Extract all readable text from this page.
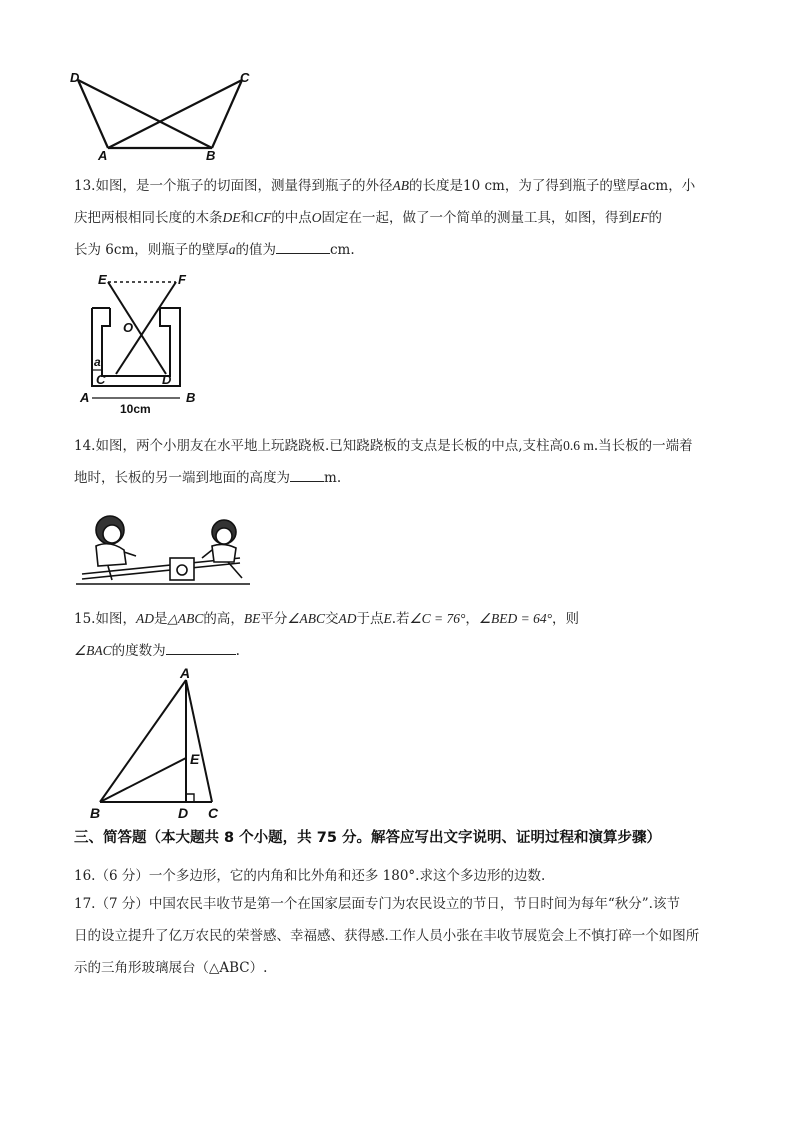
D	C
A	B
13.如图，是一个瓶子的切面图，测量得到瓶子的外径AB的长度是10 cm，为了得到瓶子的壁厚acm，小
庆把两根相同长度的木条DE和CF的中点O固定在一起，做了一个简单的测量工具，如图，得到EF的
长为 6cm，则瓶子的壁厚a的值为	cm.
E	F
O
a
C	D
A	B
10cm
14.如图，两个小朋友在水平地上玩跷跷板.已知跷跷板的支点是长板的中点,支柱高0.6 m.当长板的一端着
地时，长板的另一端到地面的高度为	m.
15.如图，AD是△ABC的高，BE平分∠ABC交AD于点E.若∠C = 76°，∠BED = 64°，则
∠BAC的度数为	.
A
E
B	D C
三、简答题（本大题共 8 个小题，共 75 分。解答应写出文字说明、证明过程和演算步骤）
16.（6 分）一个多边形，它的内角和比外角和还多 180°.求这个多边形的边数.
17.（7 分）中国农民丰收节是第一个在国家层面专门为农民设立的节日，节日时间为每年“秋分”.该节
日的设立提升了亿万农民的荣誉感、幸福感、获得感.工作人员小张在丰收节展览会上不慎打碎一个如图所
示的三角形玻璃展台（△ABC）.
